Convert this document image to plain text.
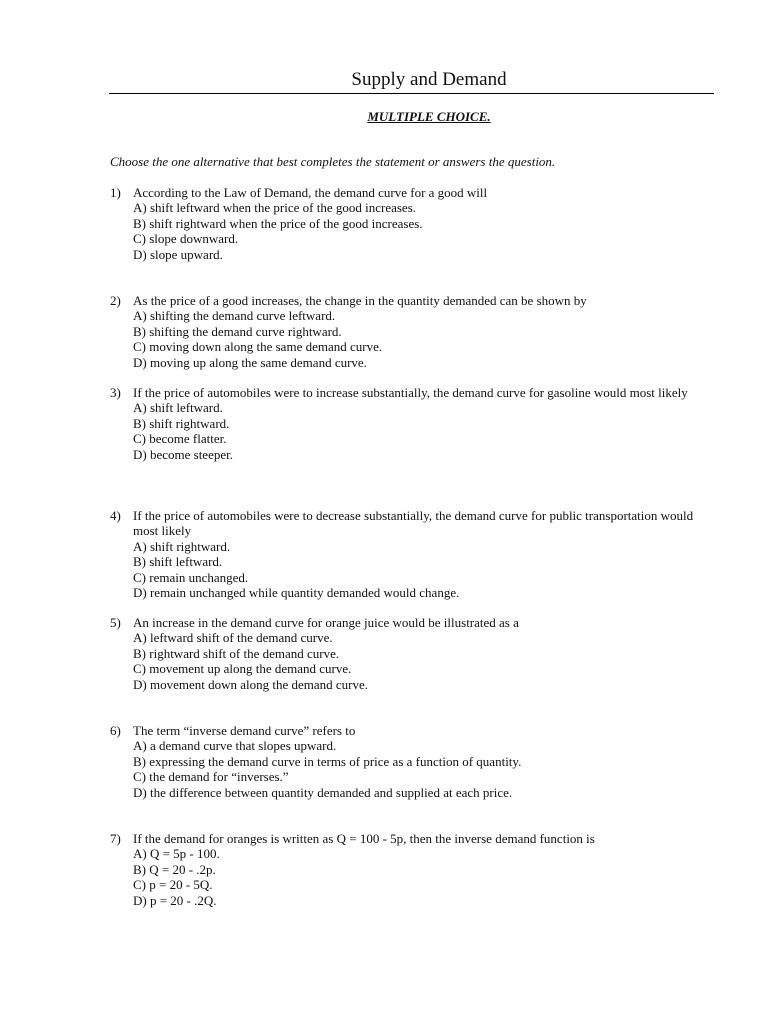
Supply and Demand
MULTIPLE CHOICE.
Choose the one alternative that best completes the statement or answers the question.
1) According to the Law of Demand, the demand curve for a good will
A) shift leftward when the price of the good increases.
B) shift rightward when the price of the good increases.
C) slope downward.
D) slope upward.
2) As the price of a good increases, the change in the quantity demanded can be shown by
A) shifting the demand curve leftward.
B) shifting the demand curve rightward.
C) moving down along the same demand curve.
D) moving up along the same demand curve.
3) If the price of automobiles were to increase substantially, the demand curve for gasoline would most likely
A) shift leftward.
B) shift rightward.
C) become flatter.
D) become steeper.
4) If the price of automobiles were to decrease substantially, the demand curve for public transportation would most likely
A) shift rightward.
B) shift leftward.
C) remain unchanged.
D) remain unchanged while quantity demanded would change.
5) An increase in the demand curve for orange juice would be illustrated as a
A) leftward shift of the demand curve.
B) rightward shift of the demand curve.
C) movement up along the demand curve.
D) movement down along the demand curve.
6) The term “inverse demand curve” refers to
A) a demand curve that slopes upward.
B) expressing the demand curve in terms of price as a function of quantity.
C) the demand for “inverses.”
D) the difference between quantity demanded and supplied at each price.
7) If the demand for oranges is written as Q = 100 - 5p, then the inverse demand function is
A) Q = 5p - 100.
B) Q = 20 - .2p.
C) p = 20 - 5Q.
D) p = 20 - .2Q.
